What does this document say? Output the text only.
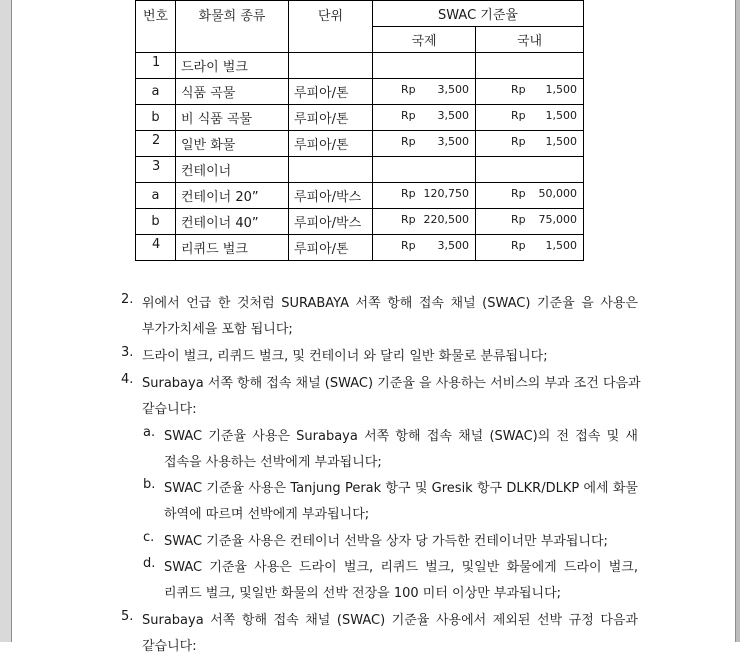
번호	화물희 종류	단위	SWAC 기준율	
			국제	국내
1	드라이 벌크		

a	식품 곡물	루피아/톤	Rp 3,500	Rp 1,500

b	비 식품 곡물	루피아/톤	Rp 3,500	Rp 1,500

2	일반 화물	루피아/톤	Rp 3,500	Rp 1,500

3	컨테이너		

a	컨테이너 20”	루피아/박스	Rp 120,750	Rp 50,000

b	컨테이너 40”	루피아/박스	Rp 220,500	Rp 75,000

4	리퀴드 벌크	루피아/톤	Rp 3,500	Rp 1,500
2. 위에서 언급 한 것처럼 SURABAYA 서쪽 항해 접속 채널 (SWAC) 기준율 을 사용은
부가가치세을 포함 됩니다;
3. 드라이 벌크, 리퀴드 벌크, 및 컨테이너 와 달리 일반 화물로 분류됩니다;
4. Surabaya 서쪽 항해 접속 채널 (SWAC) 기준율 을 사용하는 서비스의 부과 조건 다음과
같습니다:
a. SWAC 기준율 사용은 Surabaya 서쪽 항해 접속 채널 (SWAC)의 전 접속 및 새
접속을 사용하는 선박에게 부과됩니다;
b. SWAC 기준율 사용은 Tanjung Perak 항구 및 Gresik 항구 DLKR/DLKP 에세 화물
하역에 따르며 선박에게 부과됩니다;
c. SWAC 기준율 사용은 컨테이너 선박을 상자 당 가득한 컨테이너만 부과됩니다;
d. SWAC 기준율 사용은 드라이 벌크, 리퀴드 벌크, 및일반 화물에게 드라이 벌크,
리퀴드 벌크, 및일반 화물의 선박 전장을 100 미터 이상만 부과됩니다;
5. Surabaya 서쪽 항해 접속 채널 (SWAC) 기준율 사용에서 제외된 선박 규정 다음과
같습니다:
